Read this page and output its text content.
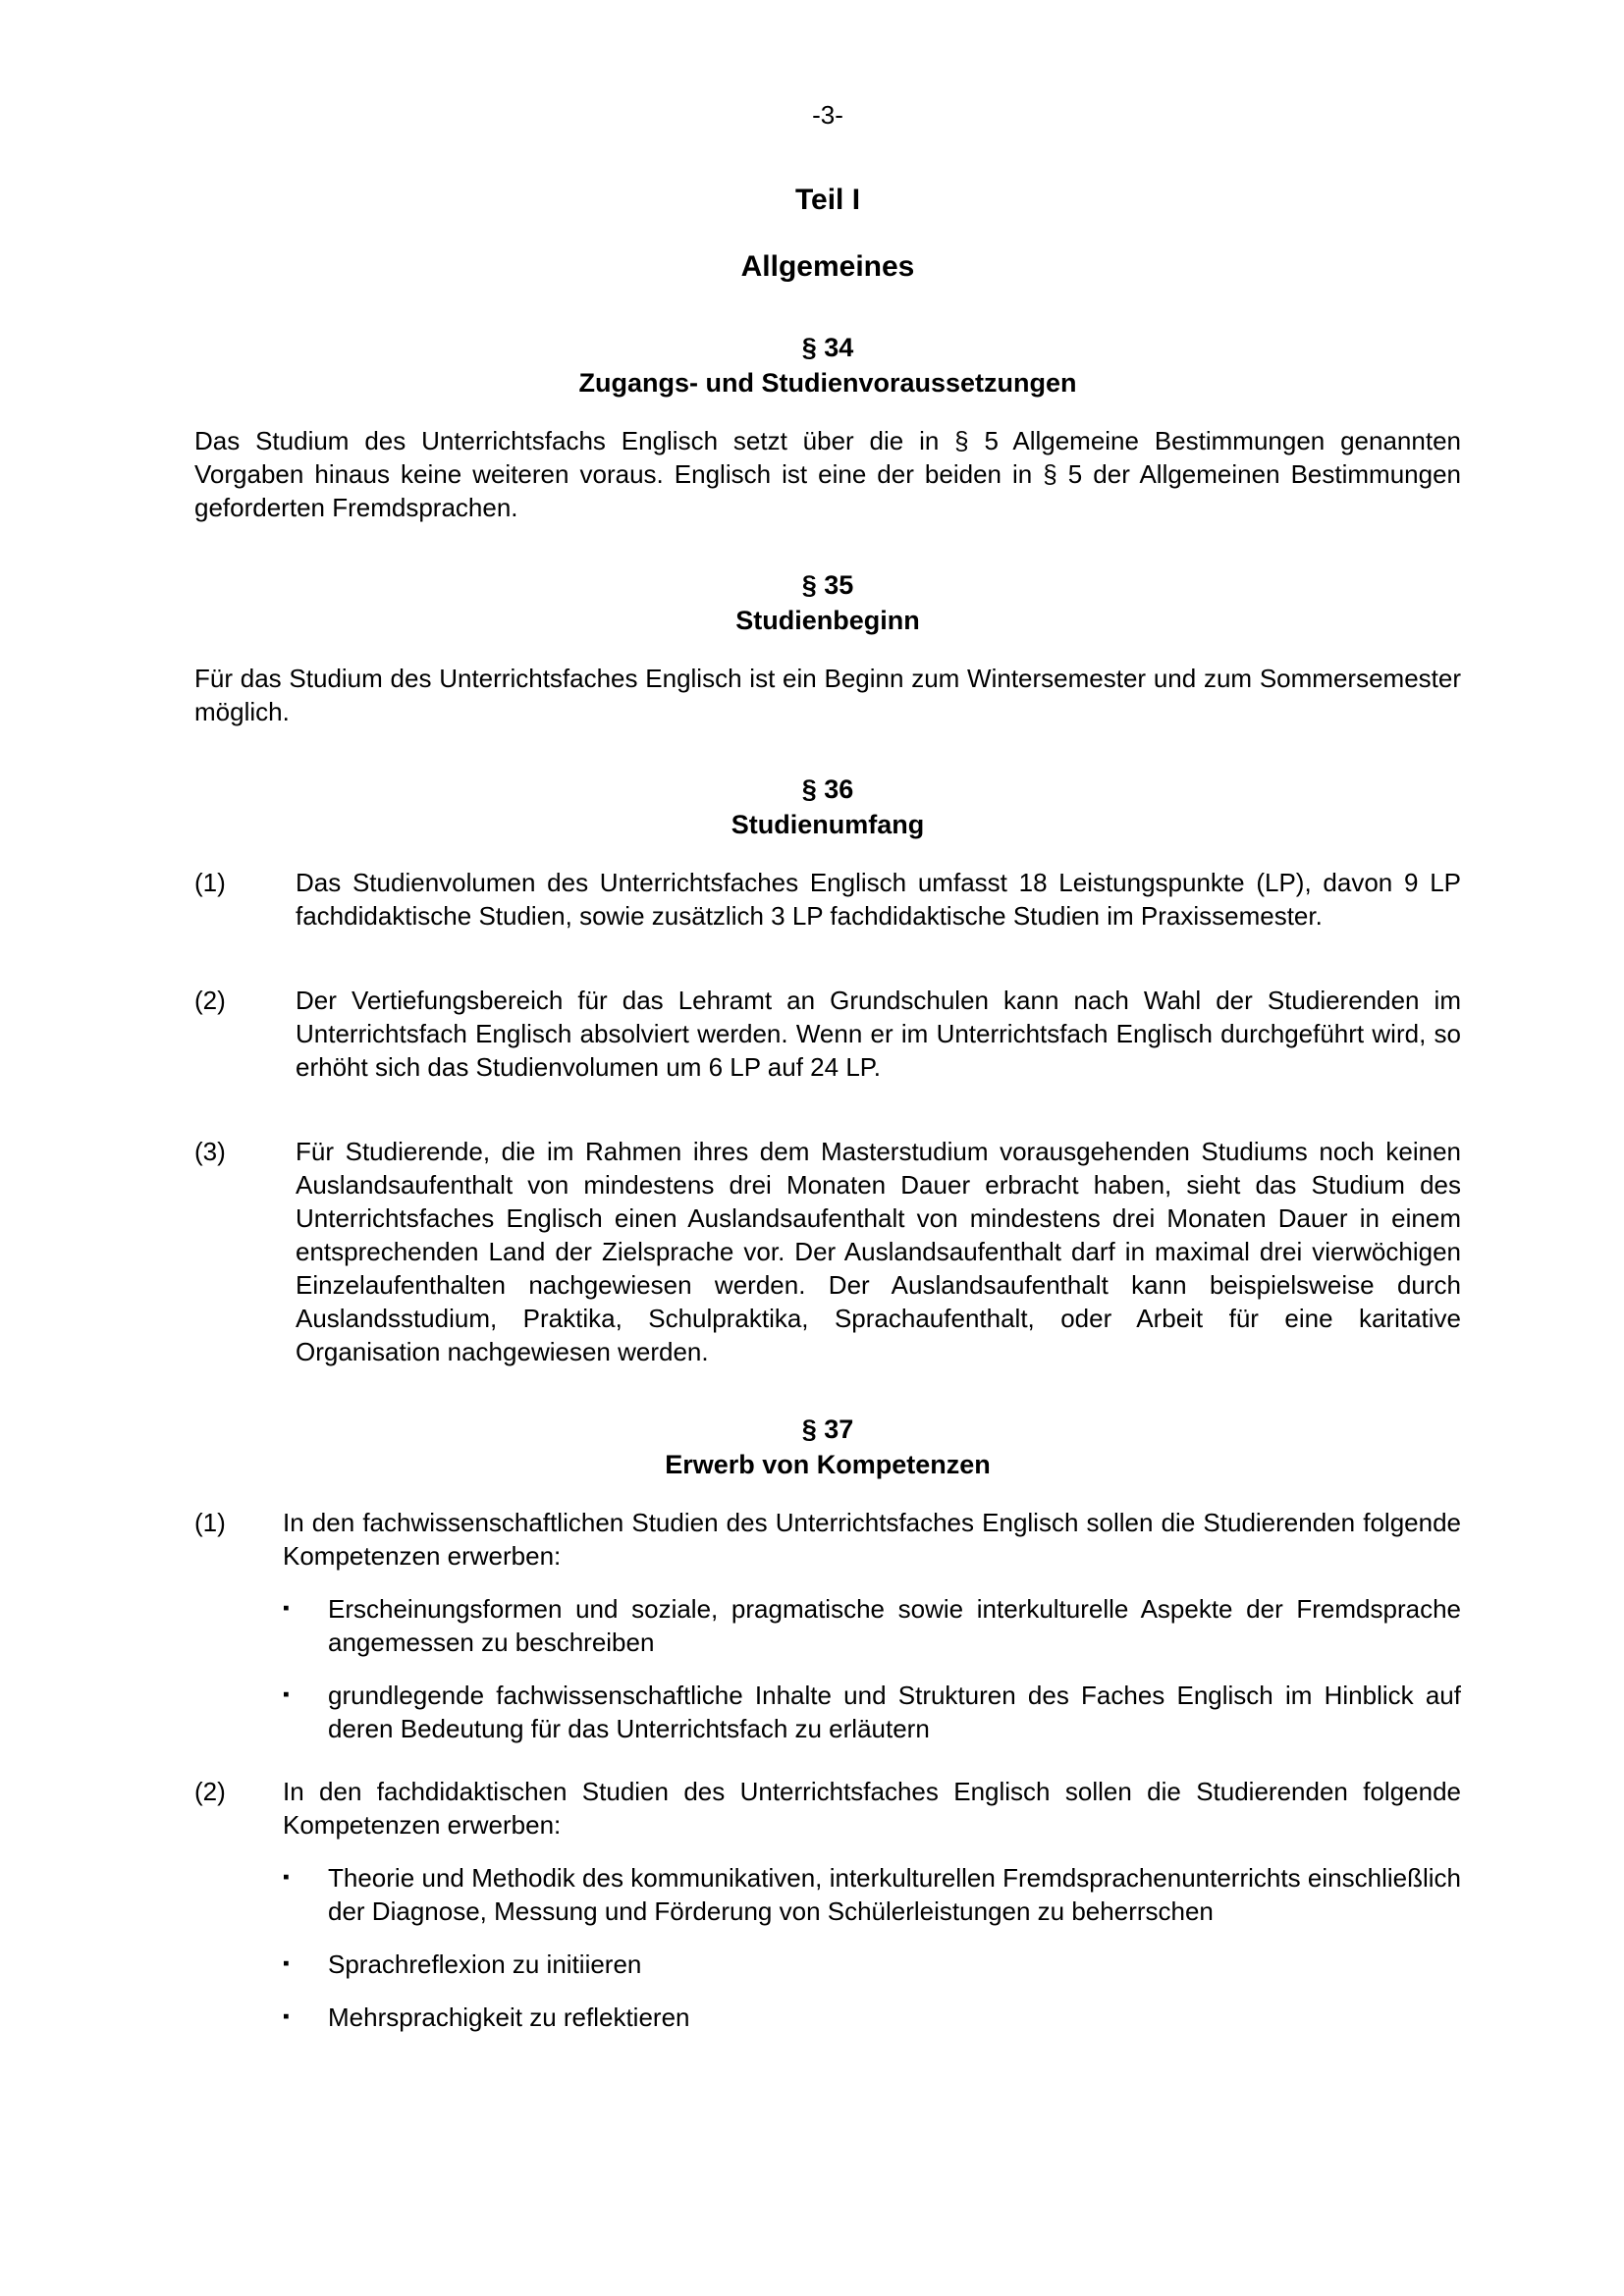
-3-
Teil I
Allgemeines
§ 34
Zugangs- und Studienvoraussetzungen

Das Studium des Unterrichtsfachs Englisch setzt über die in § 5 Allgemeine Bestimmungen genannten Vorgaben hinaus keine weiteren voraus. Englisch ist eine der beiden in § 5 der Allgemeinen Bestimmungen geforderten Fremdsprachen.

§ 35
Studienbeginn

Für das Studium des Unterrichtsfaches Englisch ist ein Beginn zum Wintersemester und zum Sommersemester möglich.

§ 36
Studienumfang
(1)	Das Studienvolumen des Unterrichtsfaches Englisch umfasst 18 Leistungspunkte (LP), davon 9 LP fachdidaktische Studien, sowie zusätzlich 3 LP fachdidaktische Studien im Praxissemester.
(2)	Der Vertiefungsbereich für das Lehramt an Grundschulen kann nach Wahl der Studierenden im Unterrichtsfach Englisch absolviert werden. Wenn er im Unterrichtsfach Englisch durchgeführt wird, so erhöht sich das Studienvolumen um 6 LP auf 24 LP.
(3)	Für Studierende, die im Rahmen ihres dem Masterstudium vorausgehenden Studiums noch keinen Auslandsaufenthalt von mindestens drei Monaten Dauer erbracht haben, sieht das Studium des Unterrichtsfaches Englisch einen Auslandsaufenthalt von mindestens drei Monaten Dauer in einem entsprechenden Land der Zielsprache vor. Der Auslandsaufenthalt darf in maximal drei vierwöchigen Einzelaufenthalten nachgewiesen werden. Der Auslandsaufenthalt kann beispielsweise durch Auslandsstudium, Praktika, Schulpraktika, Sprachaufenthalt, oder Arbeit für eine karitative Organisation nachgewiesen werden.
§ 37
Erwerb von Kompetenzen
(1)	In den fachwissenschaftlichen Studien des Unterrichtsfaches Englisch sollen die Studierenden folgende Kompetenzen erwerben:
▪	Erscheinungsformen und soziale, pragmatische sowie interkulturelle Aspekte der Fremdsprache angemessen zu beschreiben
▪	grundlegende fachwissenschaftliche Inhalte und Strukturen des Faches Englisch im Hinblick auf deren Bedeutung für das Unterrichtsfach zu erläutern
(2)	In den fachdidaktischen Studien des Unterrichtsfaches Englisch sollen die Studierenden folgende Kompetenzen erwerben:
▪	Theorie und Methodik des kommunikativen, interkulturellen Fremdsprachenunterrichts einschließlich der Diagnose, Messung und Förderung von Schülerleistungen zu beherrschen
▪	Sprachreflexion zu initiieren
▪	Mehrsprachigkeit zu reflektieren
